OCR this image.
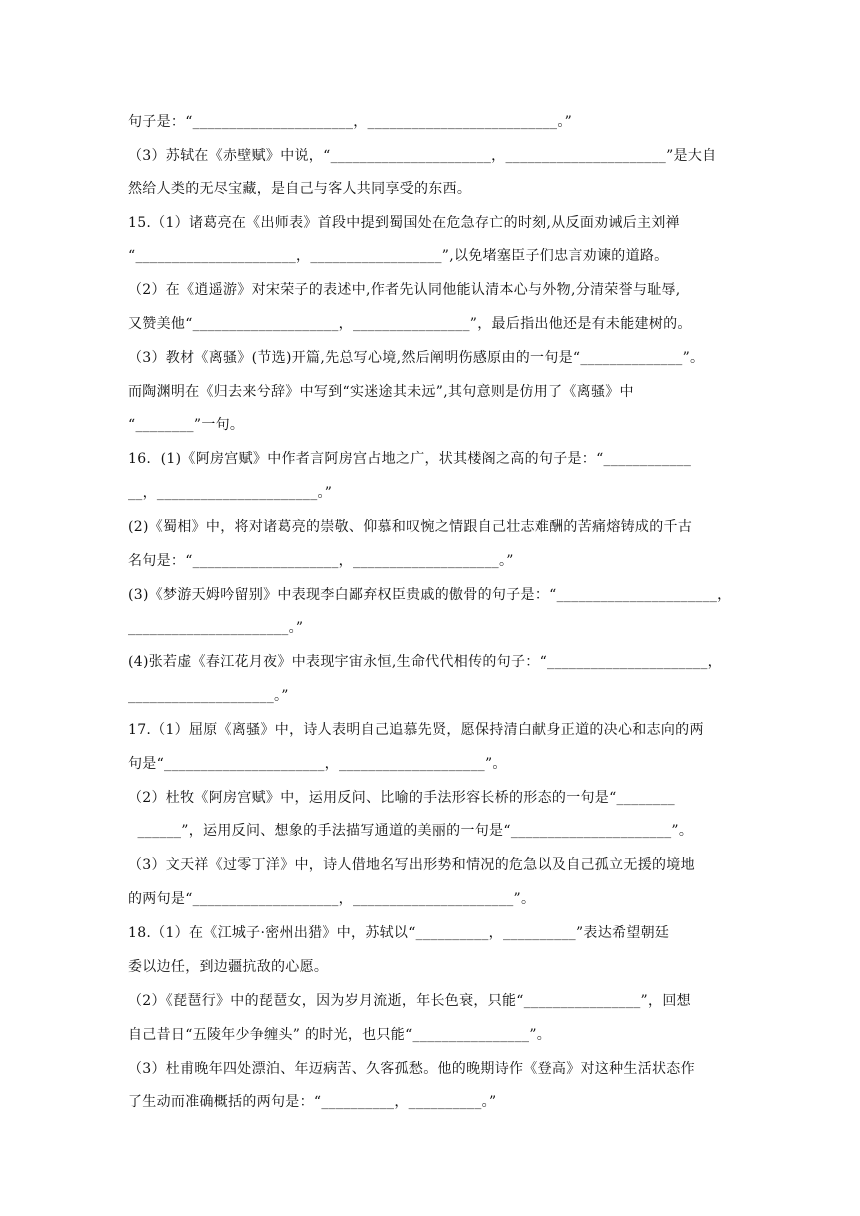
句子是：“______________________，__________________________。”
（3）苏轼在《赤壁赋》中说，“______________________，______________________”是大自
然给人类的无尽宝藏，是自己与客人共同享受的东西。
15.（1）诸葛亮在《出师表》首段中提到蜀国处在危急存亡的时刻,从反面劝诫后主刘禅
“______________________，__________________”,以免堵塞臣子们忠言劝谏的道路。
（2）在《逍遥游》对宋荣子的表述中,作者先认同他能认清本心与外物,分清荣誉与耻辱,
又赞美他“____________________，________________”，最后指出他还是有未能建树的。
（3）教材《离骚》(节选)开篇,先总写心境,然后阐明伤感原由的一句是“______________”。
而陶渊明在《归去来兮辞》中写到“实迷途其未远”,其句意则是仿用了《离骚》中
“________”一句。
16.  (1)《阿房宫赋》中作者言阿房宫占地之广，状其楼阁之高的句子是：“____________
__，______________________。”
(2)《蜀相》中，将对诸葛亮的崇敬、仰慕和叹惋之情跟自己壮志难酬的苦痛熔铸成的千古
名句是：“____________________，____________________。”
(3)《梦游天姆吟留别》中表现李白鄙弃权臣贵戚的傲骨的句子是：“______________________，
______________________。”
(4)张若虚《春江花月夜》中表现宇宙永恒,生命代代相传的句子：“______________________，
____________________。”
17.（1）屈原《离骚》中，诗人表明自己追慕先贤，愿保持清白献身正道的决心和志向的两
句是“______________________，____________________”。
（2）杜牧《阿房宫赋》中，运用反问、比喻的手法形容长桥的形态的一句是“________
______”，运用反问、想象的手法描写通道的美丽的一句是“______________________”。
（3）文天祥《过零丁洋》中，诗人借地名写出形势和情况的危急以及自己孤立无援的境地
的两句是“____________________，______________________”。
18.（1）在《江城子·密州出猎》中，苏轼以“__________，__________”表达希望朝廷
委以边任，到边疆抗敌的心愿。
（2）《琵琶行》中的琵琶女，因为岁月流逝，年长色衰，只能“________________”，回想
自己昔日“五陵年少争缠头” 的时光，也只能“________________”。
（3）杜甫晚年四处漂泊、年迈病苦、久客孤愁。他的晚期诗作《登高》对这种生活状态作
了生动而准确概括的两句是：“__________，__________。”
